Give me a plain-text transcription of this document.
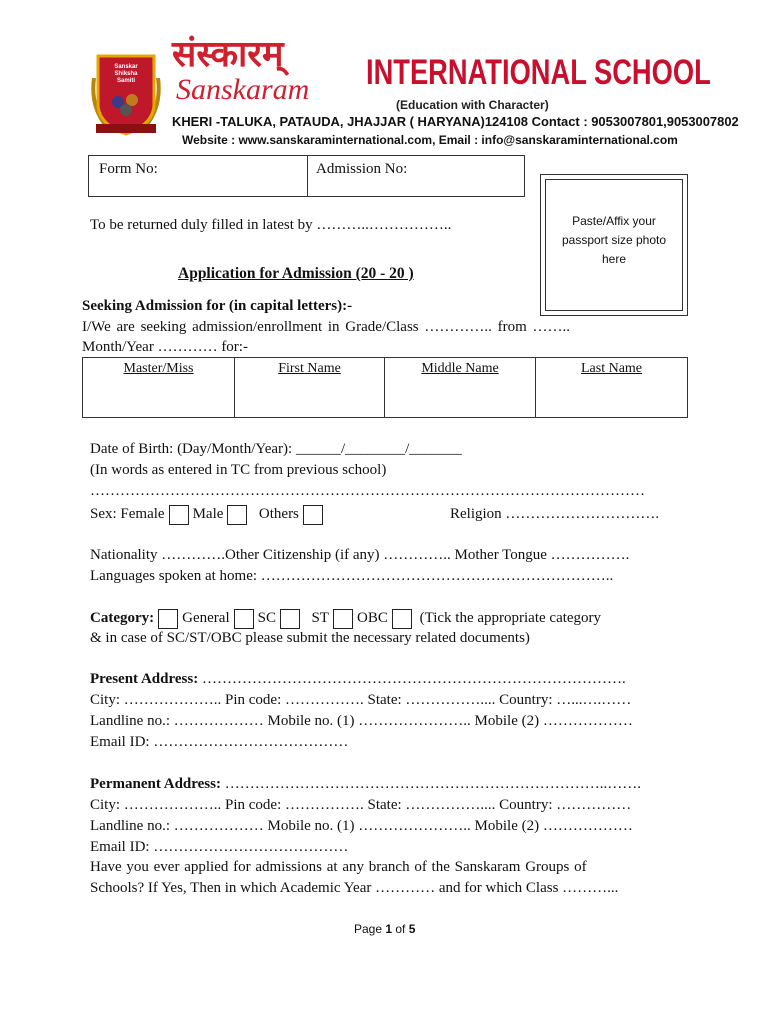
Sanskar
Shiksha
Samiti
संस्कारम्
Sanskaram INTERNATIONAL SCHOOL
(Education with Character)
KHERI -TALUKA, PATAUDA, JHAJJAR ( HARYANA)124108 Contact : 9053007801,9053007802
Website : www.sanskaraminternational.com, Email : info@sanskaraminternational.com
Form No:	Admission No:
Paste/Affix your
passport size photo
here
To be returned duly filled in latest by ………..……………..
Application for Admission (20 - 20 )
Seeking Admission for (in capital letters):-
I/We are seeking admission/enrollment in Grade/Class ………….. from ……..
Month/Year ………… for:-
Master/Miss	First Name	Middle Name	Last Name
Date of Birth: (Day/Month/Year): ______/________/_______
(In words as entered in TC from previous school)
…………………………………………………………………………………………………
Sex: Female Male Others	Religion ………………………….
Nationality ………….Other Citizenship (if any) ………….. Mother Tongue …………….
Languages spoken at home: ……………………………………………………………..
Category: General SC ST OBC (Tick the appropriate category
& in case of SC/ST/OBC please submit the necessary related documents)
Present Address: ………………………………………………………………………….
City: ……………….. Pin code: ……………. State: …………….... Country: …...….……
Landline no.: ……………… Mobile no. (1) ………………….. Mobile (2) ………………
Email ID: …………………………………
Permanent Address: …………………………………………………………………..…….
City: ……………….. Pin code: ……………. State: …………….... Country: ……………
Landline no.: ……………… Mobile no. (1) ………………….. Mobile (2) ………………
Email ID: …………………………………
Have you ever applied for admissions at any branch of the Sanskaram Groups of
Schools? If Yes, Then in which Academic Year ………… and for which Class ………...
Page 1 of 5
